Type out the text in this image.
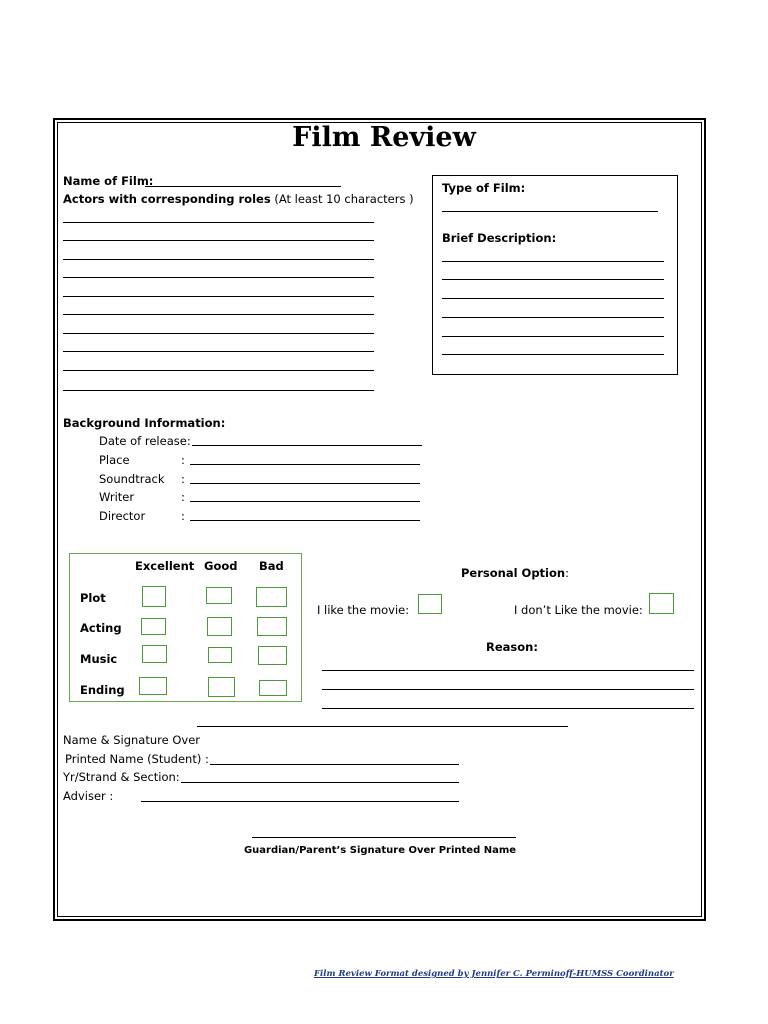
Film Review
Name of Film:
Actors with corresponding roles (At least 10 characters )
Type of Film:
Brief Description:
Background Information:
Date of release:
Place	:
Soundtrack :
Writer	:
Director	:
Excellent Good Bad
Plot
Acting
Music
Ending
Personal Option:
I like the movie:	I don’t Like the movie:
Reason:
Name & Signature Over
Printed Name (Student) :
Yr/Strand & Section:
Adviser :
Guardian/Parent’s Signature Over Printed Name
Film Review Format designed by Jennifer C. Perminoff-HUMSS Coordinator
